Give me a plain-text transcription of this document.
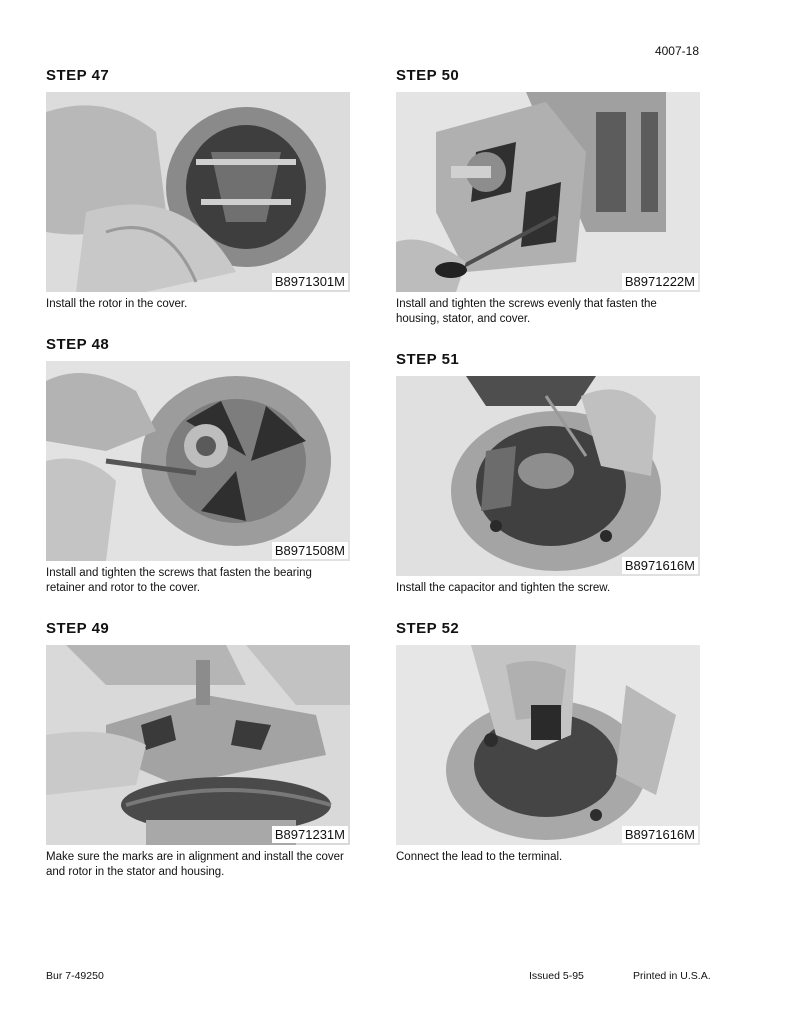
4007-18
STEP 47
B8971301M
Install the rotor in the cover.
STEP 48
B8971508M
Install and tighten the screws that fasten the bearing retainer and rotor to the cover.
STEP 49
B8971231M
Make sure the marks are in alignment and install the cover and rotor in the stator and housing.
STEP 50
B8971222M
Install and tighten the screws evenly that fasten the housing, stator, and cover.
STEP 51
B8971616M
Install the capacitor and tighten the screw.
STEP 52
B8971616M
Connect the lead to the terminal.
Bur 7-49250	Issued 5-95	Printed in U.S.A.
